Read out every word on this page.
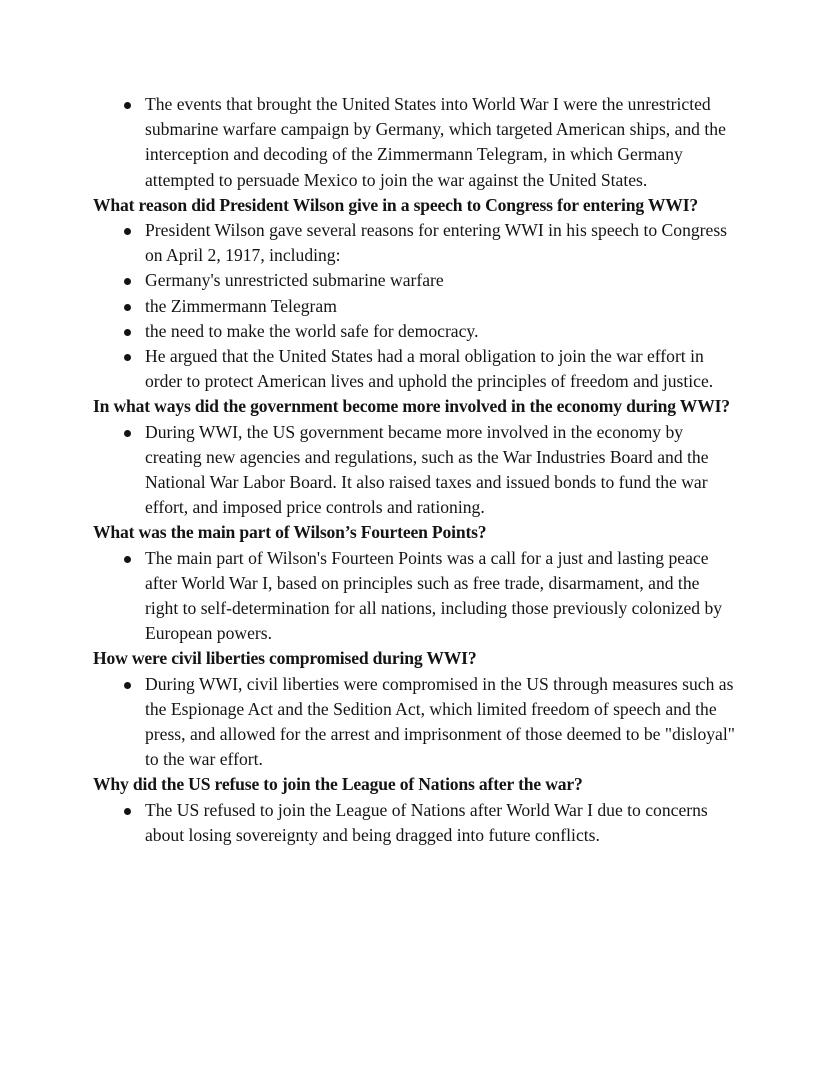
The events that brought the United States into World War I were the unrestricted submarine warfare campaign by Germany, which targeted American ships, and the interception and decoding of the Zimmermann Telegram, in which Germany attempted to persuade Mexico to join the war against the United States.

What reason did President Wilson give in a speech to Congress for entering WWI?

President Wilson gave several reasons for entering WWI in his speech to Congress on April 2, 1917, including:
Germany's unrestricted submarine warfare
the Zimmermann Telegram
the need to make the world safe for democracy.
He argued that the United States had a moral obligation to join the war effort in order to protect American lives and uphold the principles of freedom and justice.

In what ways did the government become more involved in the economy during WWI?

During WWI, the US government became more involved in the economy by creating new agencies and regulations, such as the War Industries Board and the National War Labor Board. It also raised taxes and issued bonds to fund the war effort, and imposed price controls and rationing.

What was the main part of Wilson’s Fourteen Points?

The main part of Wilson's Fourteen Points was a call for a just and lasting peace after World War I, based on principles such as free trade, disarmament, and the right to self-determination for all nations, including those previously colonized by European powers.

How were civil liberties compromised during WWI?

During WWI, civil liberties were compromised in the US through measures such as the Espionage Act and the Sedition Act, which limited freedom of speech and the press, and allowed for the arrest and imprisonment of those deemed to be "disloyal" to the war effort.

Why did the US refuse to join the League of Nations after the war?

The US refused to join the League of Nations after World War I due to concerns about losing sovereignty and being dragged into future conflicts.
